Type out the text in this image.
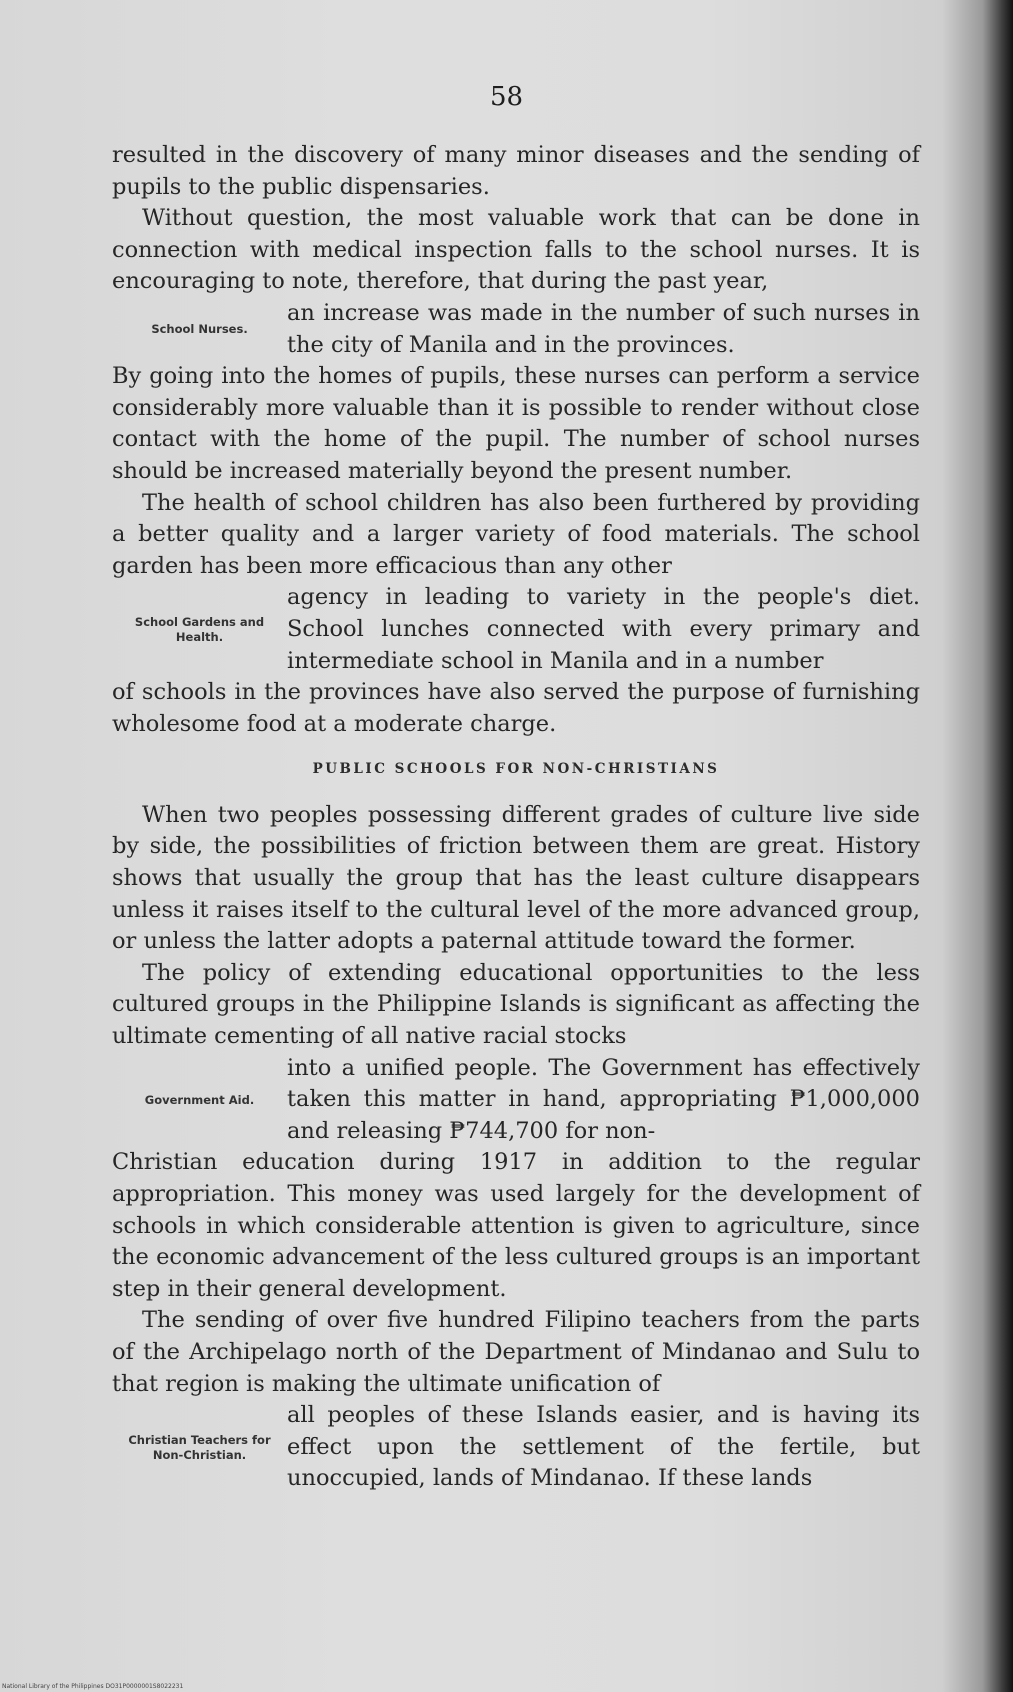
58

resulted in the discovery of many minor diseases and the sending of pupils to the public dispensaries.

Without question, the most valuable work that can be done in connection with medical inspection falls to the school nurses. It is encouraging to note, therefore, that during the past year,

School Nurses.
an increase was made in the number of such nurses in the city of Manila and in the provinces.

By going into the homes of pupils, these nurses can perform a service considerably more valuable than it is possible to render without close contact with the home of the pupil. The number of school nurses should be increased materially beyond the present number.

The health of school children has also been furthered by providing a better quality and a larger variety of food materials. The school garden has been more efficacious than any other

School Gardens and Health.
agency in leading to variety in the people's diet. School lunches connected with every primary and intermediate school in Manila and in a number

of schools in the provinces have also served the purpose of furnishing wholesome food at a moderate charge.

PUBLIC SCHOOLS FOR NON-CHRISTIANS

When two peoples possessing different grades of culture live side by side, the possibilities of friction between them are great. History shows that usually the group that has the least culture disappears unless it raises itself to the cultural level of the more advanced group, or unless the latter adopts a paternal attitude toward the former.

The policy of extending educational opportunities to the less cultured groups in the Philippine Islands is significant as affecting the ultimate cementing of all native racial stocks

Government Aid.
into a unified people. The Government has effectively taken this matter in hand, appropriating ₱1,000,000 and releasing ₱744,700 for non-

Christian education during 1917 in addition to the regular appropriation. This money was used largely for the development of schools in which considerable attention is given to agriculture, since the economic advancement of the less cultured groups is an important step in their general development.

The sending of over five hundred Filipino teachers from the parts of the Archipelago north of the Department of Mindanao and Sulu to that region is making the ultimate unification of

Christian Teachers for Non-Christian.
all peoples of these Islands easier, and is having its effect upon the settlement of the fertile, but unoccupied, lands of Mindanao. If these lands
National Library of the Philippines DO31P0000001S8022231
